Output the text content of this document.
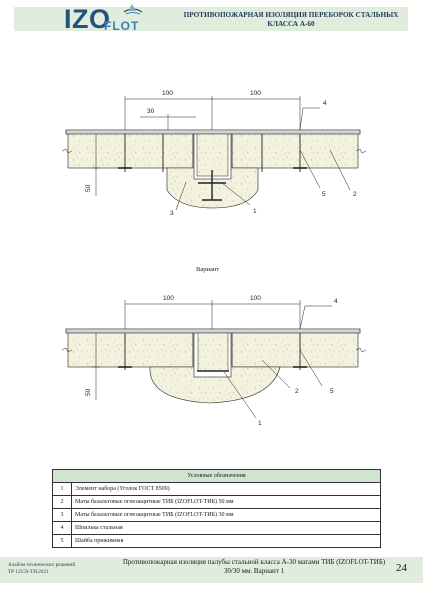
IZO
FLOT
ПРОТИВОПОЖАРНАЯ ИЗОЛЯЦИЯ ПЕРЕБОРОК СТАЛЬНЫХ КЛАССА А-60
100	100
30
50
4
2
5
3	1
Вариант
100	100
50
4
5
2
1
Условные обозначения	
1	Элемент набора (Уголок ГОСТ 8509)
2	Маты базальтовые огнезащитные ТИБ (IZOFLOT-ТИБ) 50 мм
3	Маты базальтовые огнезащитные ТИБ (IZOFLOT-ТИБ) 30 мм
4	Шпилька стальная
5	Шайба прижимная
Альбом технических решений
ТР 12159-ТИ.2021
Противопожарная изоляция палубы стальной класса А-30 матами ТИБ (IZOFLOT-ТИБ) 30/30 мм. Вариант 1	24
